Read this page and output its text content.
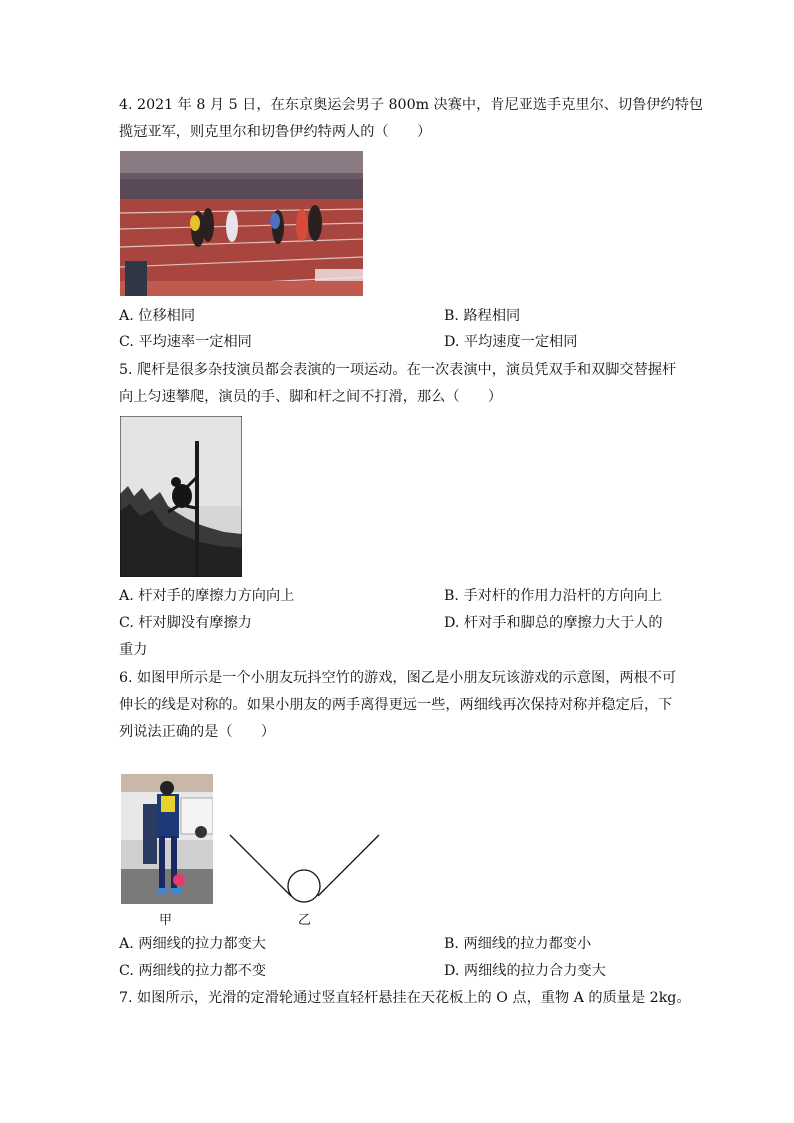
4. 2021 年 8 月 5 日，在东京奥运会男子 800m 决赛中，肯尼亚选手克里尔、切鲁伊约特包
揽冠亚军，则克里尔和切鲁伊约特两人的（　　）
A. 位移相同	B. 路程相同
C. 平均速率一定相同	D. 平均速度一定相同
5. 爬杆是很多杂技演员都会表演的一项运动。在一次表演中，演员凭双手和双脚交替握杆
向上匀速攀爬，演员的手、脚和杆之间不打滑，那么（　　）
A. 杆对手的摩擦力方向向上	B. 手对杆的作用力沿杆的方向向上
C. 杆对脚没有摩擦力	D. 杆对手和脚总的摩擦力大于人的
重力
6. 如图甲所示是一个小朋友玩抖空竹的游戏，图乙是小朋友玩该游戏的示意图，两根不可
伸长的线是对称的。如果小朋友的两手离得更远一些，两细线再次保持对称并稳定后，下
列说法正确的是（　　）
甲	乙
A. 两细线的拉力都变大	B. 两细线的拉力都变小
C. 两细线的拉力都不变	D. 两细线的拉力合力变大
7. 如图所示，光滑的定滑轮通过竖直轻杆悬挂在天花板上的 O 点，重物 A 的质量是 2kg。
